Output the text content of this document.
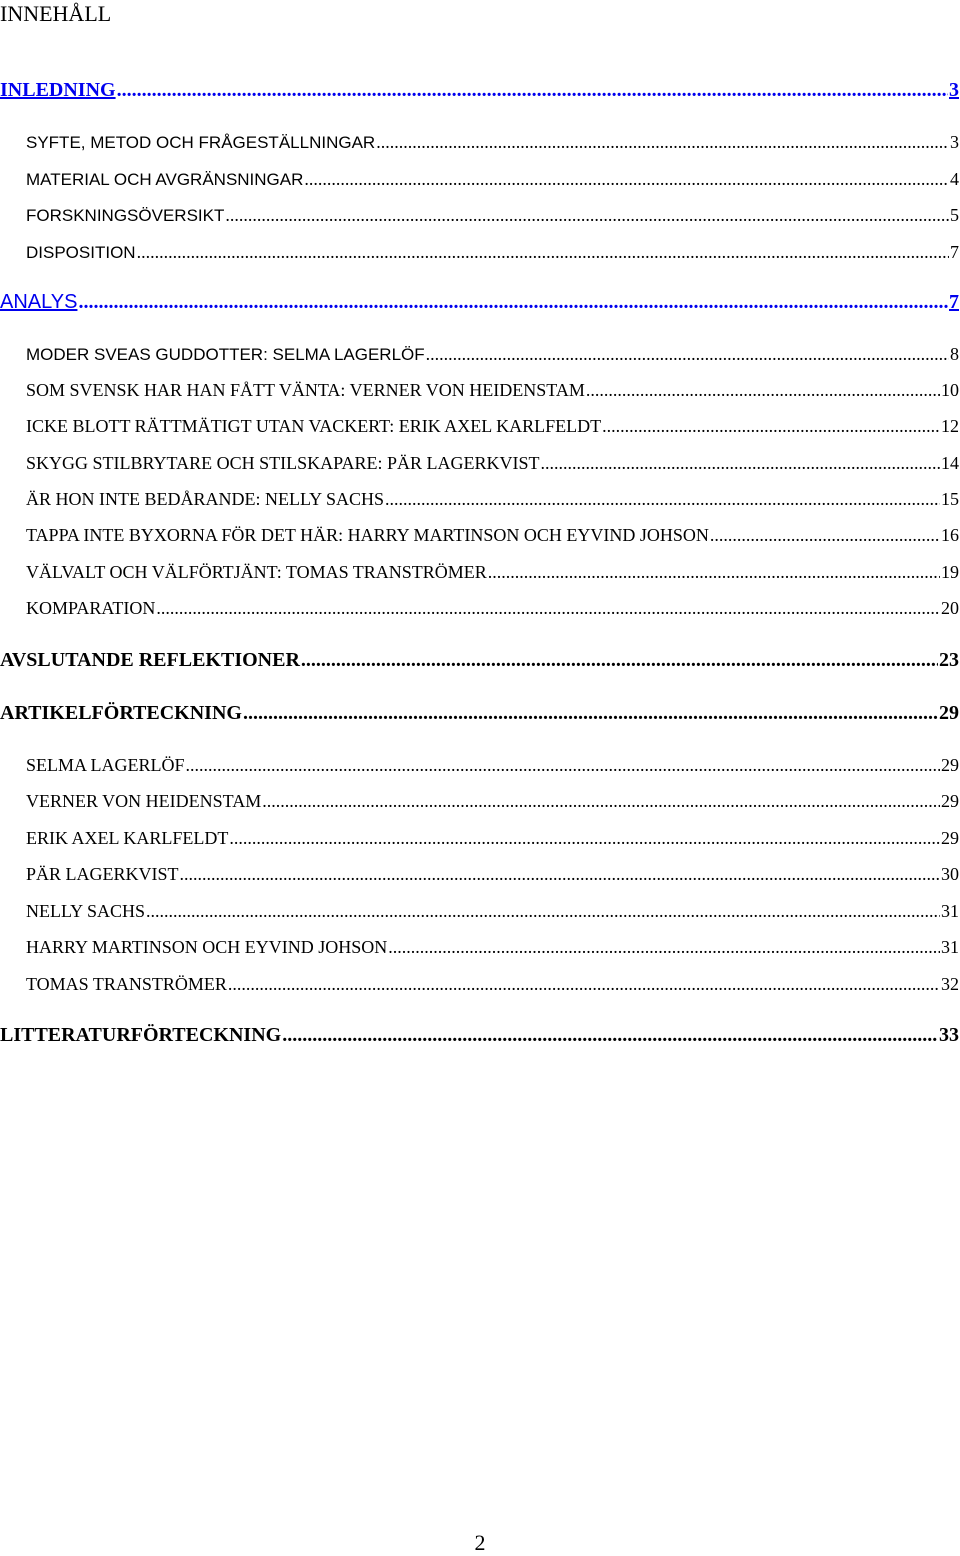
INNEHÅLL
INLEDNING .....	3
SYFTE, METOD OCH FRÅGESTÄLLNINGAR .....	3
MATERIAL OCH AVGRÄNSNINGAR .....	4
FORSKNINGSÖVERSIKT .....	5
DISPOSITION .....	7
ANALYS .....	7
MODER SVEAS GUDDOTTER: SELMA LAGERLÖF .....	8
SOM SVENSK HAR HAN FÅTT VÄNTA: VERNER VON HEIDENSTAM .....	10
ICKE BLOTT RÄTTMÄTIGT UTAN VACKERT: ERIK AXEL KARLFELDT .....	12
SKYGG STILBRYTARE OCH STILSKAPARE: PÄR LAGERKVIST .....	14
ÄR HON INTE BEDÅRANDE: NELLY SACHS .....	15
TAPPA INTE BYXORNA FÖR DET HÄR: HARRY MARTINSON OCH EYVIND JOHSON .....	16
VÄLVALT OCH VÄLFÖRTJÄNT: TOMAS TRANSTRÖMER .....	19
KOMPARATION .....	20
AVSLUTANDE REFLEKTIONER .....	23
ARTIKELFÖRTECKNING .....	29
SELMA LAGERLÖF .....	29
VERNER VON HEIDENSTAM .....	29
ERIK AXEL KARLFELDT .....	29
PÄR LAGERKVIST .....	30
NELLY SACHS .....	31
HARRY MARTINSON OCH EYVIND JOHSON .....	31
TOMAS TRANSTRÖMER .....	32
LITTERATURFÖRTECKNING .....	33
2
